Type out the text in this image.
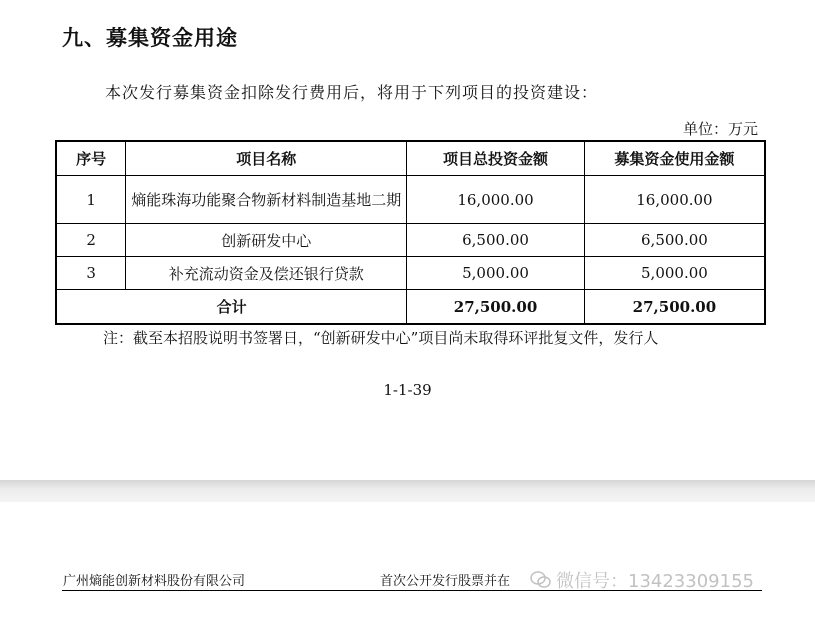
九、募集资金用途
本次发行募集资金扣除发行费用后，将用于下列项目的投资建设：
单位：万元
序号	项目名称	项目总投资金额	募集资金使用金额
1	熵能珠海功能聚合物新材料制造基地二期	16,000.00	16,000.00
2	创新研发中心	6,500.00	6,500.00
3	补充流动资金及偿还银行贷款	5,000.00	5,000.00
合计		27,500.00	27,500.00
注：截至本招股说明书签署日，“创新研发中心”项目尚未取得环评批复文件，发行人
1-1-39
广州熵能创新材料股份有限公司	首次公开发行股票并在	微信号：13423309155
